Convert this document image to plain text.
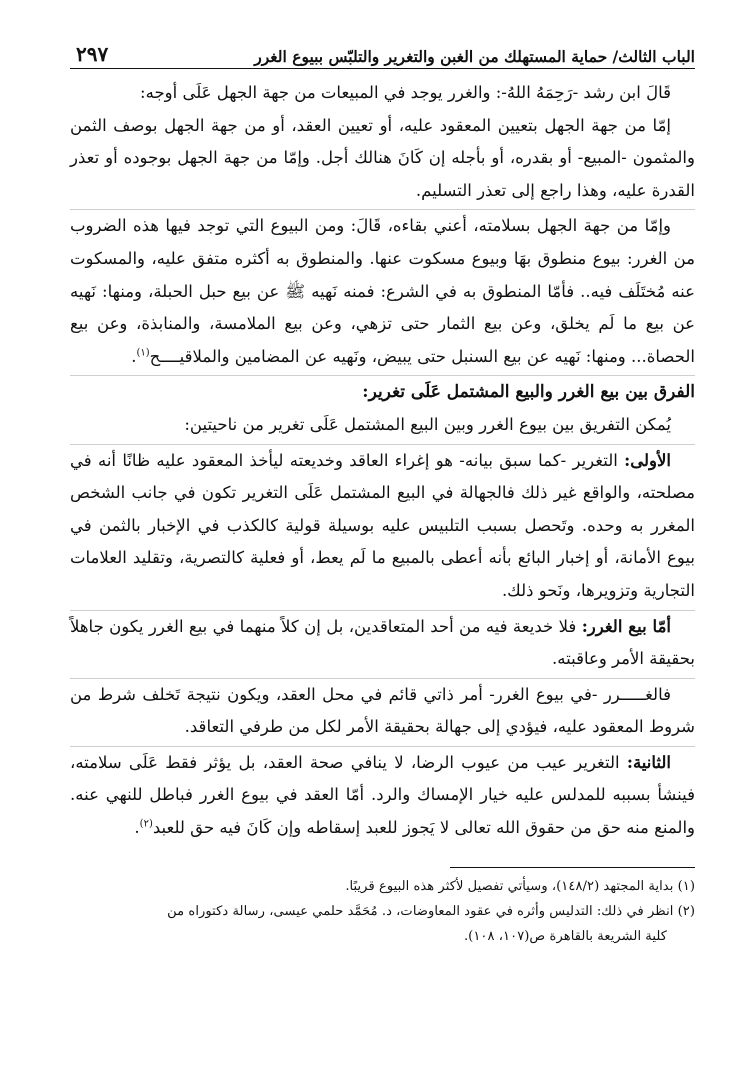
الباب الثالث/ حماية المستهلك من الغبن والتغرير والتلبّس ببيوع الغرر
٢٩٧

قَالَ ابن رشد -رَحِمَهُ اللهُ-: والغرر يوجد في المبيعات من جهة الجهل عَلَى أوجه:

إمّا من جهة الجهل بتعيين المعقود عليه، أو تعيين العقد، أو من جهة الجهل بوصف الثمن والمثمون -المبيع- أو بقدره، أو بأجله إن كَانَ هنالك أجل. وإمّا من جهة الجهل بوجوده أو تعذر القدرة عليه، وهذا راجع إلى تعذر التسليم.

وإمّا من جهة الجهل بسلامته، أعني بقاءه، قَالَ: ومن البيوع التي توجد فيها هذه الضروب من الغرر: بيوع منطوق بهَا وبيوع مسكوت عنها. والمنطوق به أكثره متفق عليه، والمسكوت عنه مُختَلَف فيه.. فأمّا المنطوق به في الشرع: فمنه نَهيه ﷺ عن بيع حبل الحبلة، ومنها: نَهيه عن بيع ما لَم يخلق، وعن بيع الثمار حتى تزهي، وعن بيع الملامسة، والمنابذة، وعن بيع الحصاة... ومنها: نَهيه عن بيع السنبل حتى يبيض، ونَهيه عن المضامين والملاقيــــح$^{(١)}$.

الفرق بين بيع الغرر والبيع المشتمل عَلَى تغرير:

يُمكن التفريق بين بيوع الغرر وبين البيع المشتمل عَلَى تغرير من ناحيتين:

الأولى: التغرير -كما سبق بيانه- هو إغراء العاقد وخديعته ليأخذ المعقود عليه ظانًا أنه في مصلحته، والواقع غير ذلك فالجهالة في البيع المشتمل عَلَى التغرير تكون في جانب الشخص المغرر به وحده. وتَحصل بسبب التلبيس عليه بوسيلة قولية كالكذب في الإخبار بالثمن في بيوع الأمانة، أو إخبار البائع بأنه أعطى بالمبيع ما لَم يعط، أو فعلية كالتصرية، وتقليد العلامات التجارية وتزويرها، ونَحو ذلك.

أمّا بيع الغرر: فلا خديعة فيه من أحد المتعاقدين، بل إن كلاً منهما في بيع الغرر يكون جاهلاً بحقيقة الأمر وعاقبته.

فالغـــــرر -في بيوع الغرر- أمر ذاتي قائم في محل العقد، ويكون نتيجة تَخلف شرط من شروط المعقود عليه، فيؤدي إلى جهالة بحقيقة الأمر لكل من طرفي التعاقد.

الثانية: التغرير عيب من عيوب الرضا، لا ينافي صحة العقد، بل يؤثر فقط عَلَى سلامته، فينشأ بسببه للمدلس عليه خيار الإمساك والرد. أمّا العقد في بيوع الغرر فباطل للنهي عنه. والمنع منه حق من حقوق الله تعالى لا يَجوز للعبد إسقاطه وإن كَانَ فيه حق للعبد$^{(٢)}$.

(١) بداية المجتهد (١٤٨/٢)، وسيأتي تفصيل لأكثر هذه البيوع قريبًا.
(٢) انظر في ذلك: التدليس وأثره في عقود المعاوضات، د. مُحَمَّد حلمي عيسى، رسالة دكتوراه من
كلية الشريعة بالقاهرة ص(١٠٧، ١٠٨).
